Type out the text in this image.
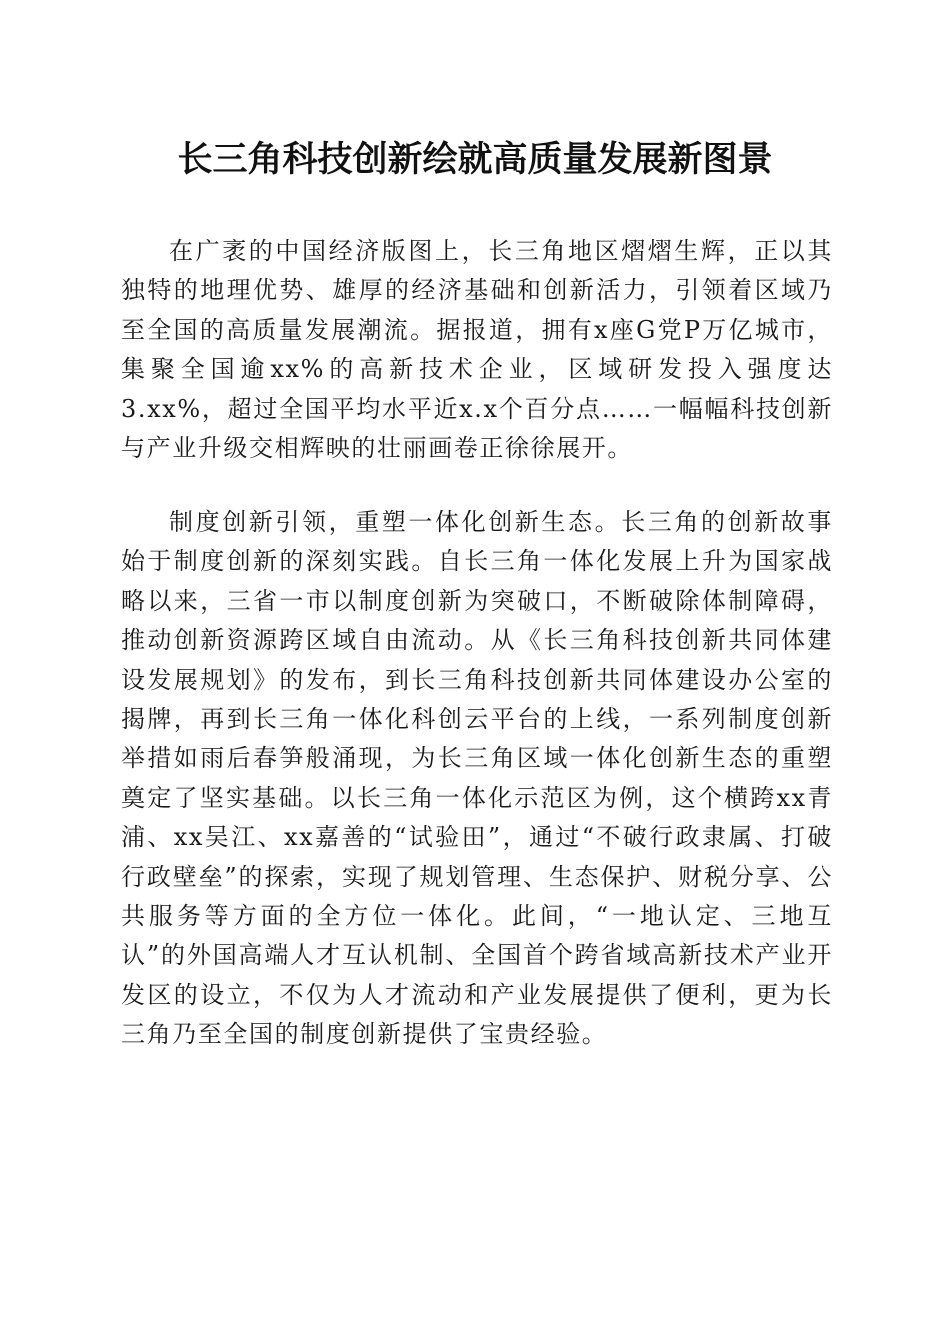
长三角科技创新绘就高质量发展新图景

在广袤的中国经济版图上，长三角地区熠熠生辉，正以其独特的地理优势、雄厚的经济基础和创新活力，引领着区域乃至全国的高质量发展潮流。据报道，拥有x座G党P万亿城市，集聚全国逾xx%的高新技术企业，区域研发投入强度达3.xx%，超过全国平均水平近x.x个百分点……一幅幅科技创新与产业升级交相辉映的壮丽画卷正徐徐展开。

制度创新引领，重塑一体化创新生态。长三角的创新故事始于制度创新的深刻实践。自长三角一体化发展上升为国家战略以来，三省一市以制度创新为突破口，不断破除体制障碍，推动创新资源跨区域自由流动。从《长三角科技创新共同体建设发展规划》的发布，到长三角科技创新共同体建设办公室的揭牌，再到长三角一体化科创云平台的上线，一系列制度创新举措如雨后春笋般涌现，为长三角区域一体化创新生态的重塑奠定了坚实基础。以长三角一体化示范区为例，这个横跨xx青浦、xx吴江、xx嘉善的“试验田”，通过“不破行政隶属、打破行政壁垒”的探索，实现了规划管理、生态保护、财税分享、公共服务等方面的全方位一体化。此间，“一地认定、三地互认”的外国高端人才互认机制、全国首个跨省域高新技术产业开发区的设立，不仅为人才流动和产业发展提供了便利，更为长三角乃至全国的制度创新提供了宝贵经验。
